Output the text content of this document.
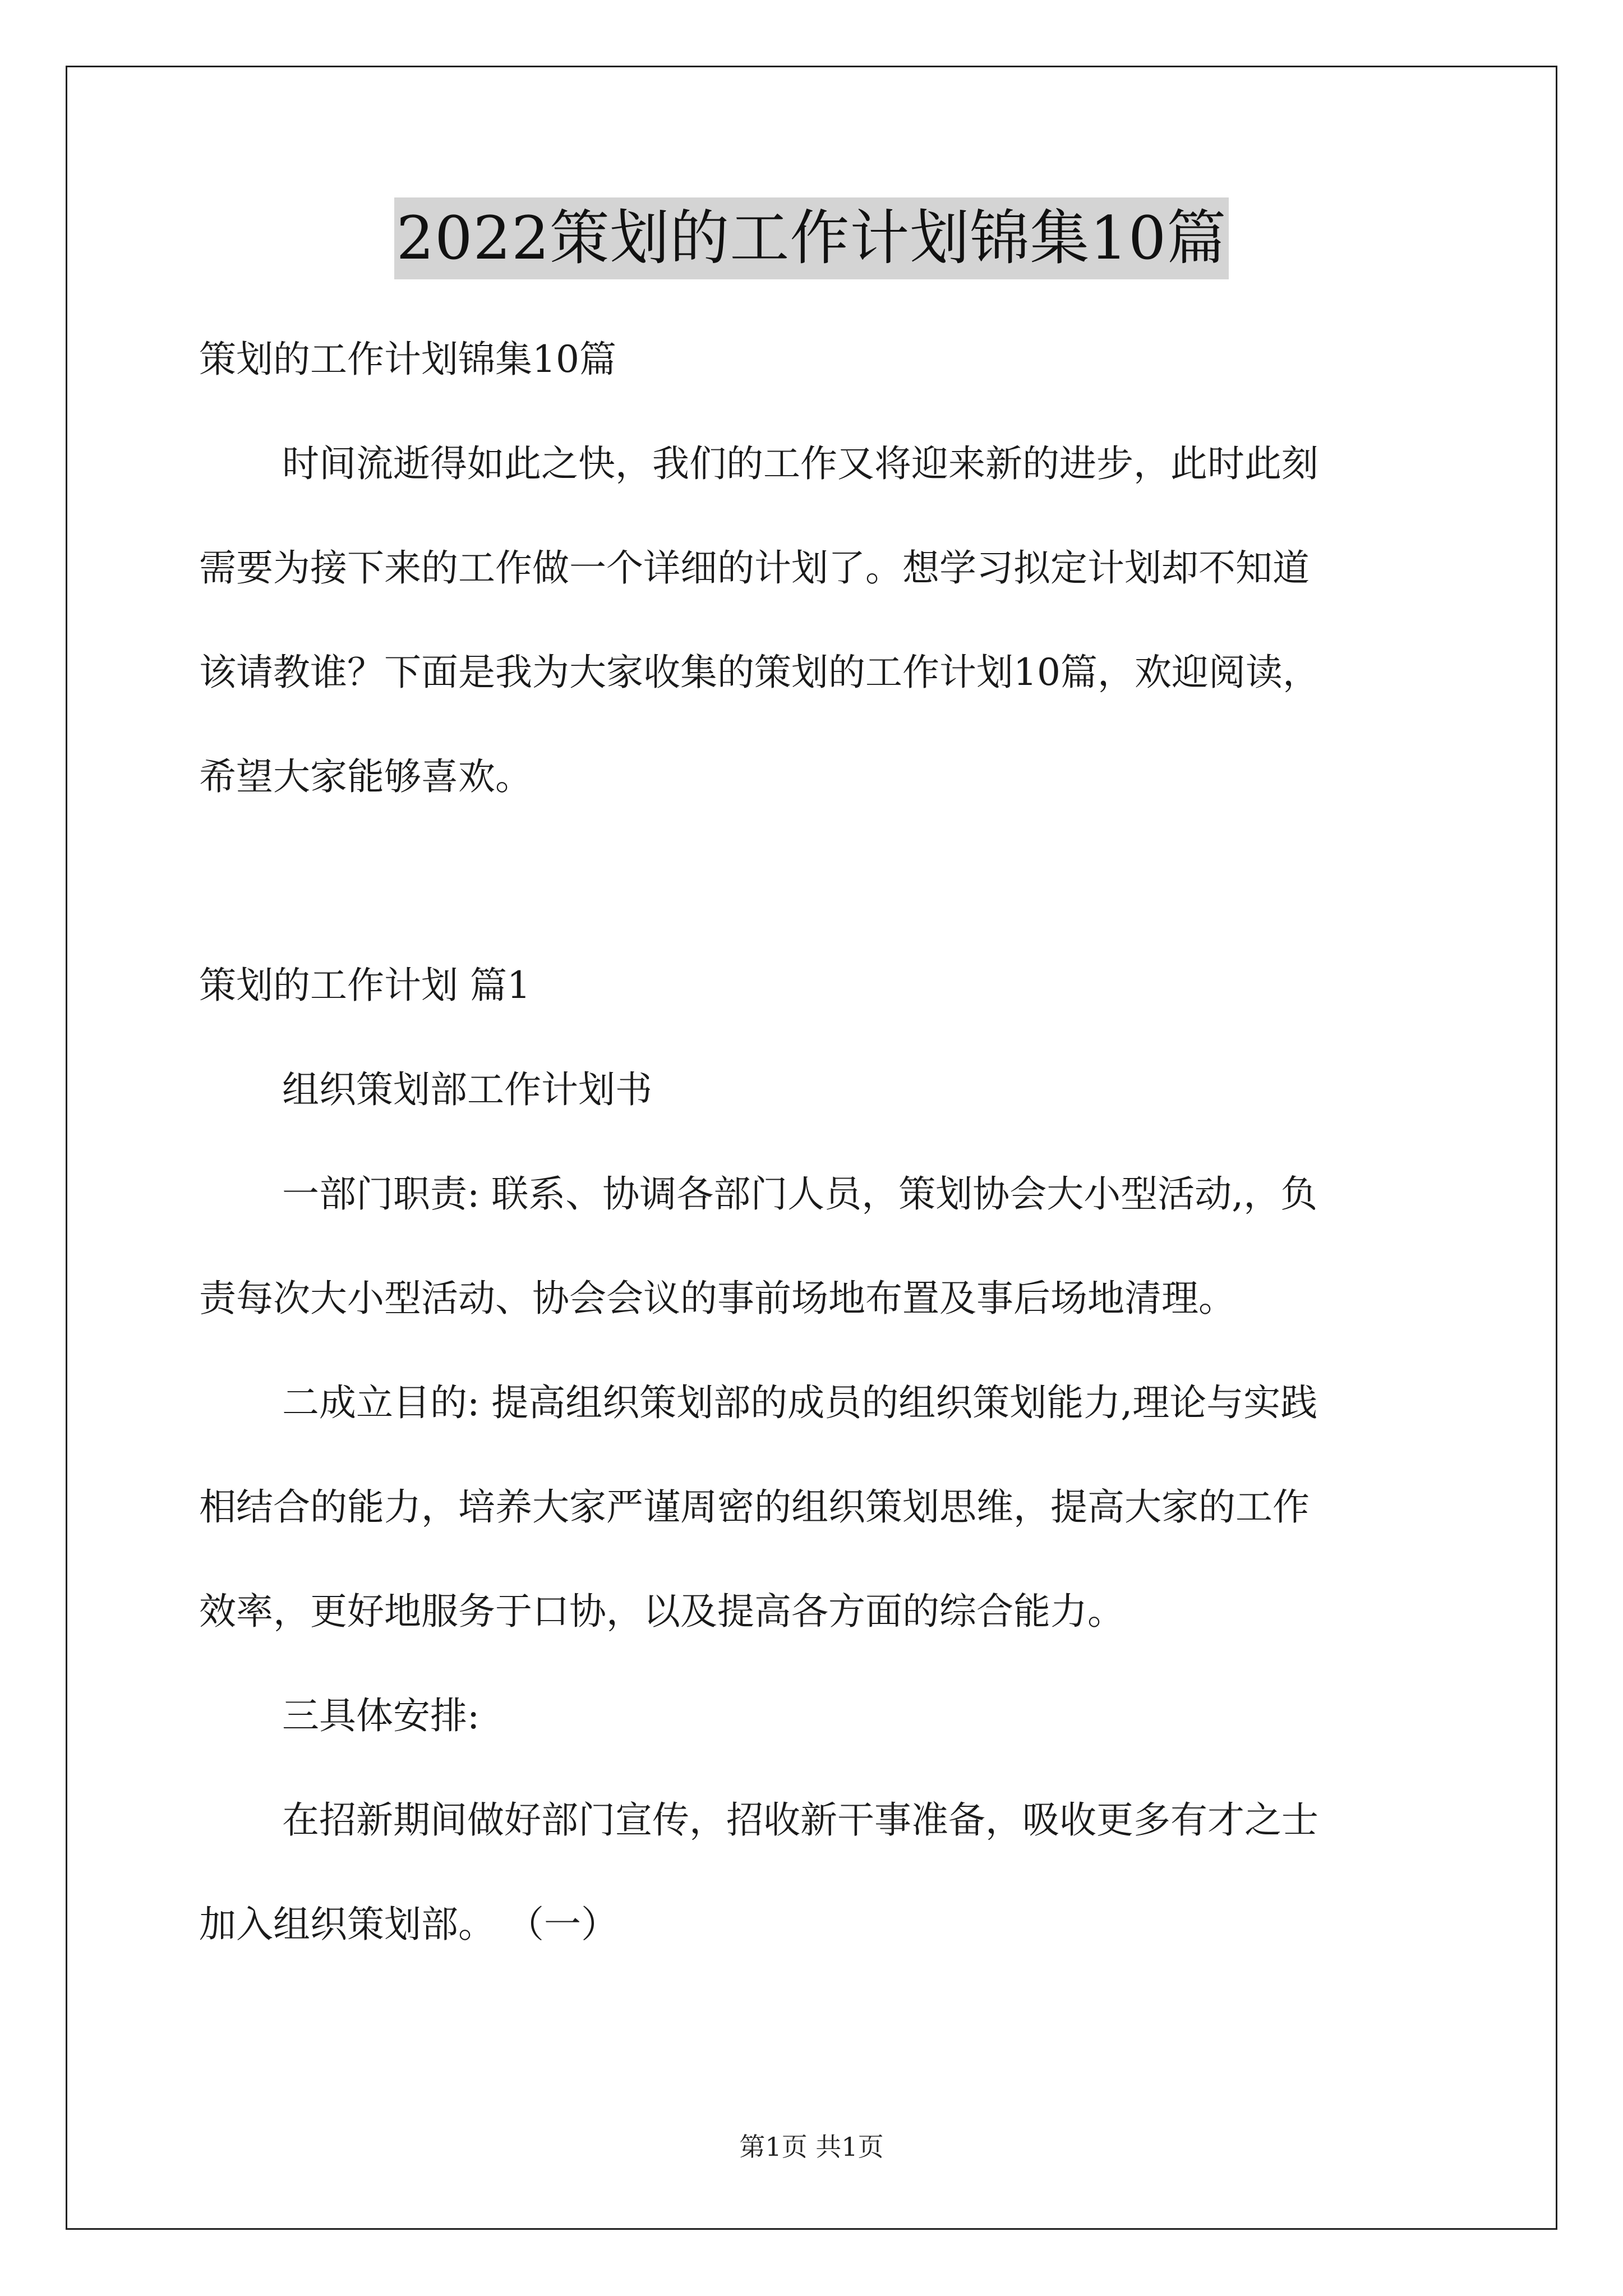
2022策划的工作计划锦集10篇
策划的工作计划锦集10篇
时间流逝得如此之快，我们的工作又将迎来新的进步，此时此刻
需要为接下来的工作做一个详细的计划了。想学习拟定计划却不知道
该请教谁？下面是我为大家收集的策划的工作计划10篇，欢迎阅读，
希望大家能够喜欢。
策划的工作计划 篇1
组织策划部工作计划书
一部门职责: 联系、协调各部门人员，策划协会大小型活动,，负
责每次大小型活动、协会会议的事前场地布置及事后场地清理。
二成立目的: 提高组织策划部的成员的组织策划能力,理论与实践
相结合的能力，培养大家严谨周密的组织策划思维，提高大家的工作
效率，更好地服务于口协，以及提高各方面的综合能力。
三具体安排:
在招新期间做好部门宣传，招收新干事准备，吸收更多有才之士
加入组织策划部。 （一）
第1页 共1页
